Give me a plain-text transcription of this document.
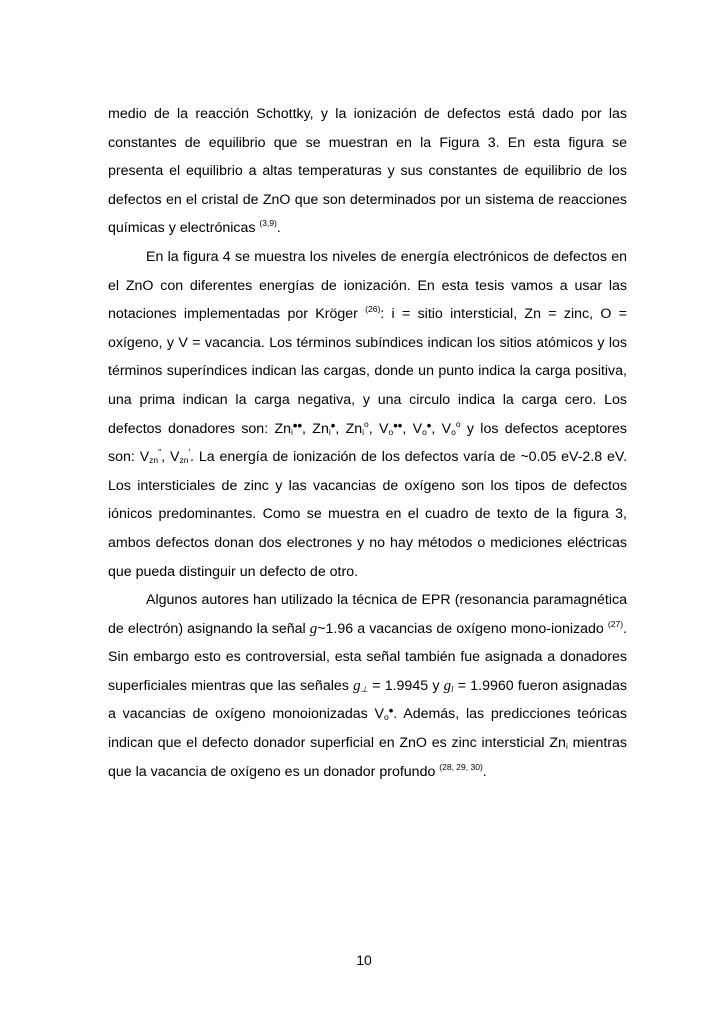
medio de la reacción Schottky, y la ionización de defectos está dado por las constantes de equilibrio que se muestran en la Figura 3. En esta figura se presenta el equilibrio a altas temperaturas y sus constantes de equilibrio de los defectos en el cristal de ZnO que son determinados por un sistema de reacciones químicas y electrónicas $^{(3,9)}$.

En la figura 4 se muestra los niveles de energía electrónicos de defectos en el ZnO con diferentes energías de ionización. En esta tesis vamos a usar las notaciones implementadas por Kröger $^{(26)}$: i = sitio intersticial, Zn = zinc, O = oxígeno, y V = vacancia. Los términos subíndices indican los sitios atómicos y los términos superíndices indican las cargas, donde un punto indica la carga positiva, una prima indican la carga negativa, y una circulo indica la carga cero. Los defectos donadores son: $Zn_i••$, $Zn_i•$, $Zn_i^o$, $V_o••$, $V_o•$, $V_o^o$ y los defectos aceptores son: $V_{zn}''$, $V_{zn}'$. La energía de ionización de los defectos varía de ~0.05 eV-2.8 eV. Los intersticiales de zinc y las vacancias de oxígeno son los tipos de defectos iónicos predominantes. Como se muestra en el cuadro de texto de la figura 3, ambos defectos donan dos electrones y no hay métodos o mediciones eléctricas que pueda distinguir un defecto de otro.

Algunos autores han utilizado la técnica de EPR (resonancia paramagnética de electrón) asignando la señal g~1.96 a vacancias de oxígeno mono-ionizado $^{(27)}$. Sin embargo esto es controversial, esta señal también fue asignada a donadores superficiales mientras que las señales $g_\perp = 1.9945$ y $g_l = 1.9960$ fueron asignadas a vacancias de oxígeno monoionizadas $V_o•$. Además, las predicciones teóricas indican que el defecto donador superficial en ZnO es zinc intersticial $Zn_i$ mientras que la vacancia de oxígeno es un donador profundo $^{(28, 29, 30)}$.

10
